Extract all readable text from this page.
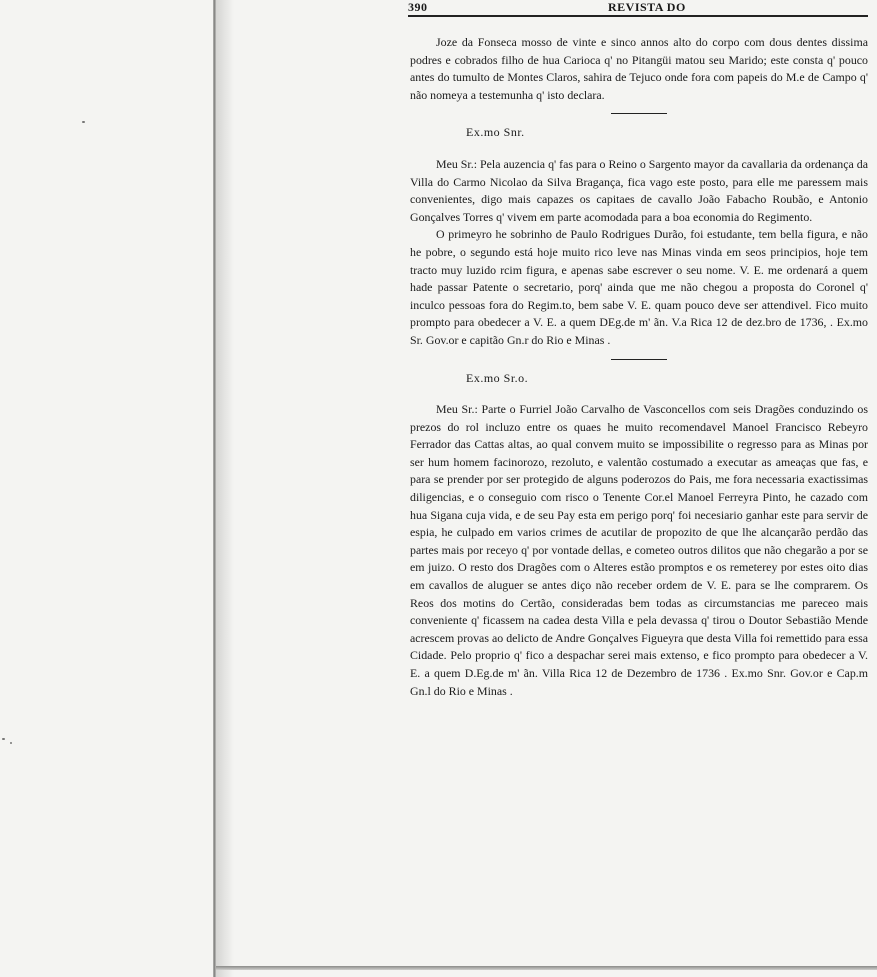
390	REVISTA DO

Joze da Fonseca mosso de vinte e sinco annos alto do corpo com dous dentes dissima podres e cobrados filho de hua Carioca q' no Pitangüi matou seu Marido; este consta q' pouco antes do tumulto de Montes Claros, sahira de Tejuco onde fora com papeis do M.e de Campo q' não nomeya a testemunha q' isto declara.

Ex.mo Snr.

Meu Sr.: Pela auzencia q' fas para o Reino o Sargento mayor da cavallaria da ordenança da Villa do Carmo Nicolao da Silva Bragança, fica vago este posto, para elle me paressem mais convenientes, digo mais capazes os capitaes de cavallo João Fabacho Roubão, e Antonio Gonçalves Torres q' vivem em parte acomodada para a boa economia do Regimento.

O primeyro he sobrinho de Paulo Rodrigues Durão, foi estudante, tem bella figura, e não he pobre, o segundo está hoje muito rico leve nas Minas vinda em seos principios, hoje tem tracto muy luzido rcim figura, e apenas sabe escrever o seu nome. V. E. me ordenará a quem hade passar Patente o secretario, porq' ainda que me não chegou a proposta do Coronel q' inculco pessoas fora do Regim.to, bem sabe V. E. quam pouco deve ser attendivel. Fico muito prompto para obedecer a V. E. a quem DEg.de m' ãn. V.a Rica 12 de dez.bro de 1736, . Ex.mo Sr. Gov.or e capitão Gn.r do Rio e Minas .

Ex.mo Sr.o.

Meu Sr.: Parte o Furriel João Carvalho de Vasconcellos com seis Dragões conduzindo os prezos do rol incluzo entre os quaes he muito recomendavel Manoel Francisco Rebeyro Ferrador das Cattas altas, ao qual convem muito se impossibilite o regresso para as Minas por ser hum homem facinorozo, rezoluto, e valentão costumado a executar as ameaças que fas, e para se prender por ser protegido de alguns poderozos do Pais, me fora necessaria exactissimas diligencias, e o conseguio com risco o Tenente Cor.el Manoel Ferreyra Pinto, he cazado com hua Sigana cuja vida, e de seu Pay esta em perigo porq' foi necesiario ganhar este para servir de espia, he culpado em varios crimes de acutilar de propozito de que lhe alcançarão perdão das partes mais por receyo q' por vontade dellas, e cometeo outros dilitos que não chegarão a por se em juizo. O resto dos Dragões com o Alteres estão promptos e os remeterey por estes oito dias em cavallos de aluguer se antes diço não receber ordem de V. E. para se lhe comprarem. Os Reos dos motins do Certão, consideradas bem todas as circumstancias me pareceo mais conveniente q' ficassem na cadea desta Villa e pela devassa q' tirou o Doutor Sebastião Mende acrescem provas ao delicto de Andre Gonçalves Figueyra que desta Villa foi remettido para essa Cidade. Pelo proprio q' fico a despachar serei mais extenso, e fico prompto para obedecer a V. E. a quem D.Eg.de m' ãn. Villa Rica 12 de Dezembro de 1736 . Ex.mo Snr. Gov.or e Cap.m Gn.l do Rio e Minas .
